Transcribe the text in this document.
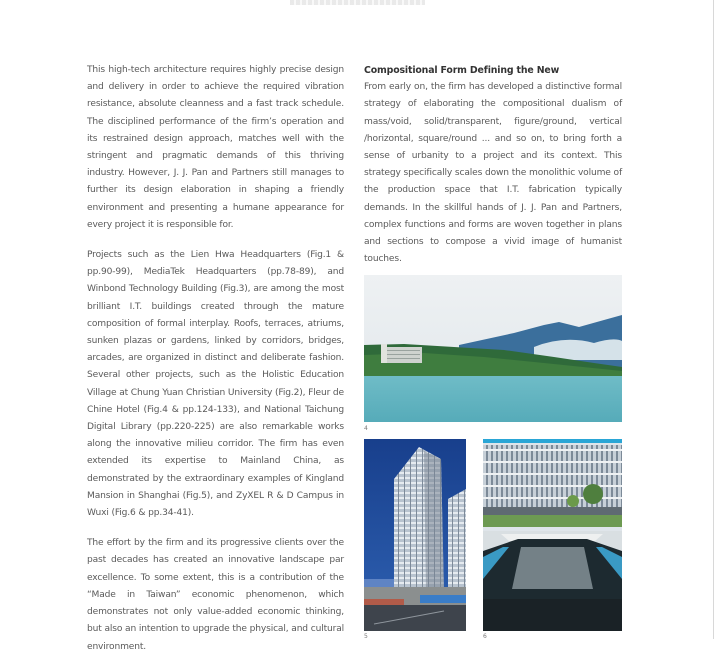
This high-tech architecture requires highly precise design and delivery in order to achieve the required vibration resistance, absolute cleanness and a fast track schedule. The disciplined performance of the firm’s operation and its restrained design approach, matches well with the stringent and pragmatic demands of this thriving industry. However, J. J. Pan and Partners still manages to further its design elaboration in shaping a friendly environment and presenting a humane appearance for every project it is responsible for.

Projects such as the Lien Hwa Headquarters (Fig.1 & pp.90-99), MediaTek Headquarters (pp.78-89), and Winbond Technology Building (Fig.3), are among the most brilliant I.T. buildings created through the mature composition of formal interplay. Roofs, terraces, atriums, sunken plazas or gardens, linked by corridors, bridges, arcades, are organized in distinct and deliberate fashion. Several other projects, such as the Holistic Education Village at Chung Yuan Christian University (Fig.2), Fleur de Chine Hotel (Fig.4 & pp.124-133), and National Taichung Digital Library (pp.220-225) are also remarkable works along the innovative milieu corridor. The firm has even extended its expertise to Mainland China, as demonstrated by the extraordinary examples of Kingland Mansion in Shanghai (Fig.5), and ZyXEL R & D Campus in Wuxi (Fig.6 & pp.34-41).

The effort by the firm and its progressive clients over the past decades has created an innovative landscape par excellence. To some extent, this is a contribution of the “Made in Taiwan” economic phenomenon, which demonstrates not only value-added economic thinking, but also an intention to upgrade the physical, and cultural environment.

Compositional Form Defining the New

From early on, the firm has developed a distinctive formal strategy of elaborating the compositional dualism of mass/void, solid/transparent, figure/ground, vertical /horizontal, square/round ... and so on, to bring forth a sense of urbanity to a project and its context. This strategy specifically scales down the monolithic volume of the production space that I.T. fabrication typically demands. In the skillful hands of J. J. Pan and Partners, complex functions and forms are woven together in plans and sections to compose a vivid image of humanist touches.

4
5	6
